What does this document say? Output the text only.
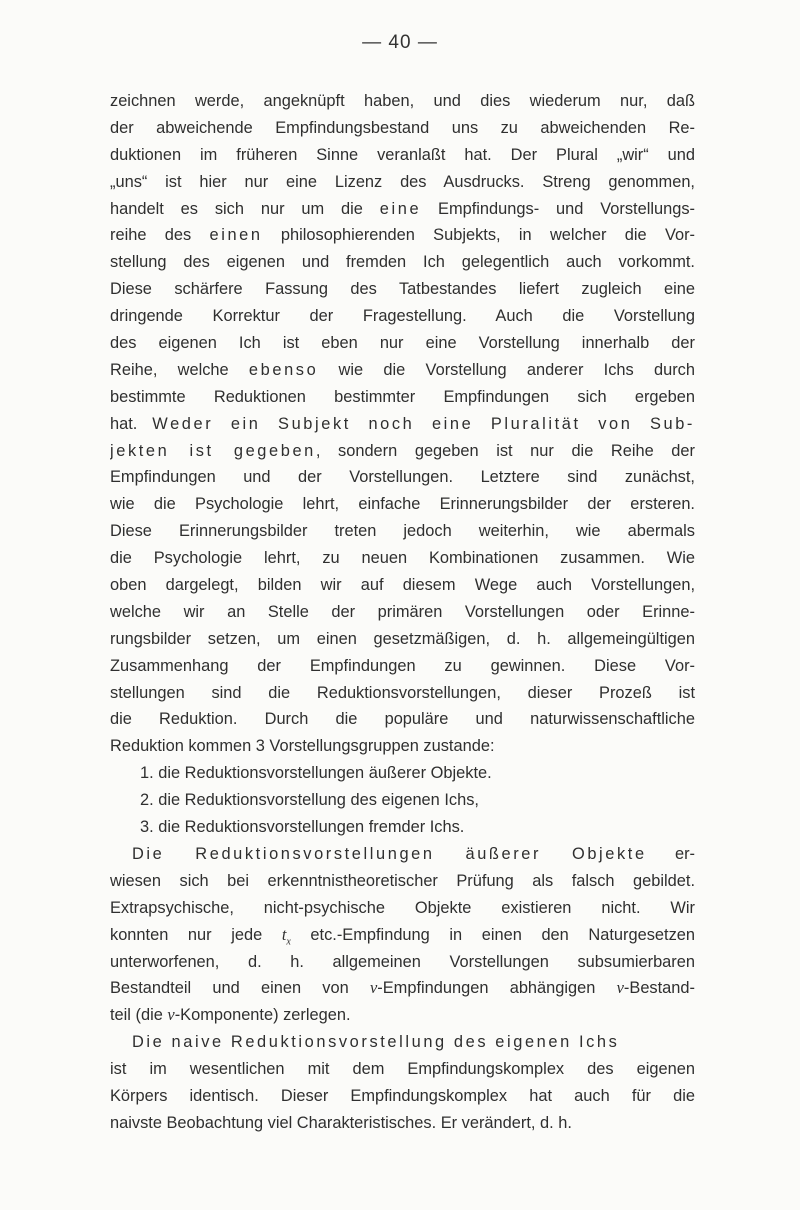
— 40 —
zeichnen werde, angeknüpft haben, und dies wiederum nur, daß
der abweichende Empfindungsbestand uns zu abweichenden Re-
duktionen im früheren Sinne veranlaßt hat. Der Plural „wir“ und
„uns“ ist hier nur eine Lizenz des Ausdrucks. Streng genommen,
handelt es sich nur um die eine Empfindungs- und Vorstellungs-
reihe des einen philosophierenden Subjekts, in welcher die Vor-
stellung des eigenen und fremden Ich gelegentlich auch vorkommt.
Diese schärfere Fassung des Tatbestandes liefert zugleich eine
dringende Korrektur der Fragestellung. Auch die Vorstellung
des eigenen Ich ist eben nur eine Vorstellung innerhalb der
Reihe, welche ebenso wie die Vorstellung anderer Ichs durch
bestimmte Reduktionen bestimmter Empfindungen sich ergeben
hat. Weder ein Subjekt noch eine Pluralität von Sub-
jekten ist gegeben, sondern gegeben ist nur die Reihe der
Empfindungen und der Vorstellungen. Letztere sind zunächst,
wie die Psychologie lehrt, einfache Erinnerungsbilder der ersteren.
Diese Erinnerungsbilder treten jedoch weiterhin, wie abermals
die Psychologie lehrt, zu neuen Kombinationen zusammen. Wie
oben dargelegt, bilden wir auf diesem Wege auch Vorstellungen,
welche wir an Stelle der primären Vorstellungen oder Erinne-
rungsbilder setzen, um einen gesetzmäßigen, d. h. allgemeingültigen
Zusammenhang der Empfindungen zu gewinnen. Diese Vor-
stellungen sind die Reduktionsvorstellungen, dieser Prozeß ist
die Reduktion. Durch die populäre und naturwissenschaftliche
Reduktion kommen 3 Vorstellungsgruppen zustande:
1. die Reduktionsvorstellungen äußerer Objekte.
2. die Reduktionsvorstellung des eigenen Ichs,
3. die Reduktionsvorstellungen fremder Ichs.
Die Reduktionsvorstellungen äußerer Objekte er-
wiesen sich bei erkenntnistheoretischer Prüfung als falsch gebildet.
Extrapsychische, nicht-psychische Objekte existieren nicht. Wir
konnten nur jede $t_x$ etc.-Empfindung in einen den Naturgesetzen
unterworfenen, d. h. allgemeinen Vorstellungen subsumierbaren
Bestandteil und einen von ν-Empfindungen abhängigen ν-Bestand-
teil (die ν-Komponente) zerlegen.
Die naive Reduktionsvorstellung des eigenen Ichs
ist im wesentlichen mit dem Empfindungskomplex des eigenen
Körpers identisch. Dieser Empfindungskomplex hat auch für die
naivste Beobachtung viel Charakteristisches. Er verändert, d. h.
